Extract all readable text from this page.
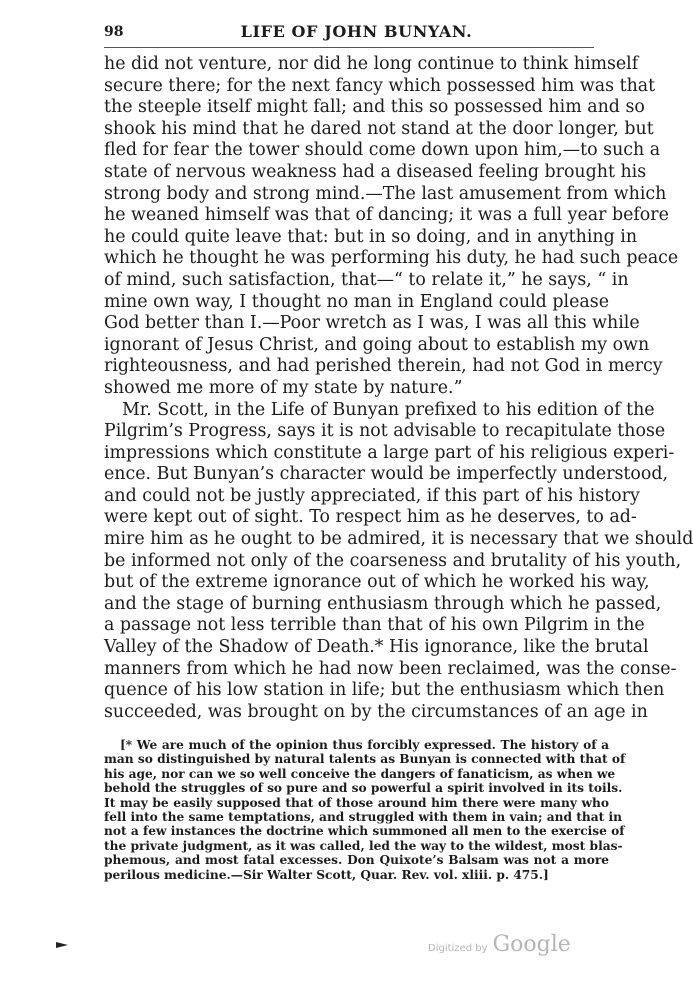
98	LIFE OF JOHN BUNYAN.
he did not venture, nor did he long continue to think himself
secure there; for the next fancy which possessed him was that
the steeple itself might fall; and this so possessed him and so
shook his mind that he dared not stand at the door longer, but
fled for fear the tower should come down upon him,—to such a
state of nervous weakness had a diseased feeling brought his
strong body and strong mind.—The last amusement from which
he weaned himself was that of dancing; it was a full year before
he could quite leave that: but in so doing, and in anything in
which he thought he was performing his duty, he had such peace
of mind, such satisfaction, that—“ to relate it,” he says, “ in
mine own way, I thought no man in England could please
God better than I.—Poor wretch as I was, I was all this while
ignorant of Jesus Christ, and going about to establish my own
righteousness, and had perished therein, had not God in mercy
showed me more of my state by nature.”
Mr. Scott, in the Life of Bunyan prefixed to his edition of the
Pilgrim’s Progress, says it is not advisable to recapitulate those
impressions which constitute a large part of his religious experi-
ence. But Bunyan’s character would be imperfectly understood,
and could not be justly appreciated, if this part of his history
were kept out of sight. To respect him as he deserves, to ad-
mire him as he ought to be admired, it is necessary that we should
be informed not only of the coarseness and brutality of his youth,
but of the extreme ignorance out of which he worked his way,
and the stage of burning enthusiasm through which he passed,
a passage not less terrible than that of his own Pilgrim in the
Valley of the Shadow of Death.* His ignorance, like the brutal
manners from which he had now been reclaimed, was the conse-
quence of his low station in life; but the enthusiasm which then
succeeded, was brought on by the circumstances of an age in
[* We are much of the opinion thus forcibly expressed. The history of a
man so distinguished by natural talents as Bunyan is connected with that of
his age, nor can we so well conceive the dangers of fanaticism, as when we
behold the struggles of so pure and so powerful a spirit involved in its toils.
It may be easily supposed that of those around him there were many who
fell into the same temptations, and struggled with them in vain; and that in
not a few instances the doctrine which summoned all men to the exercise of
the private judgment, as it was called, led the way to the wildest, most blas-
phemous, and most fatal excesses. Don Quixote’s Balsam was not a more
perilous medicine.—Sir Walter Scott, Quar. Rev. vol. xliii. p. 475.]
Digitized by Google
